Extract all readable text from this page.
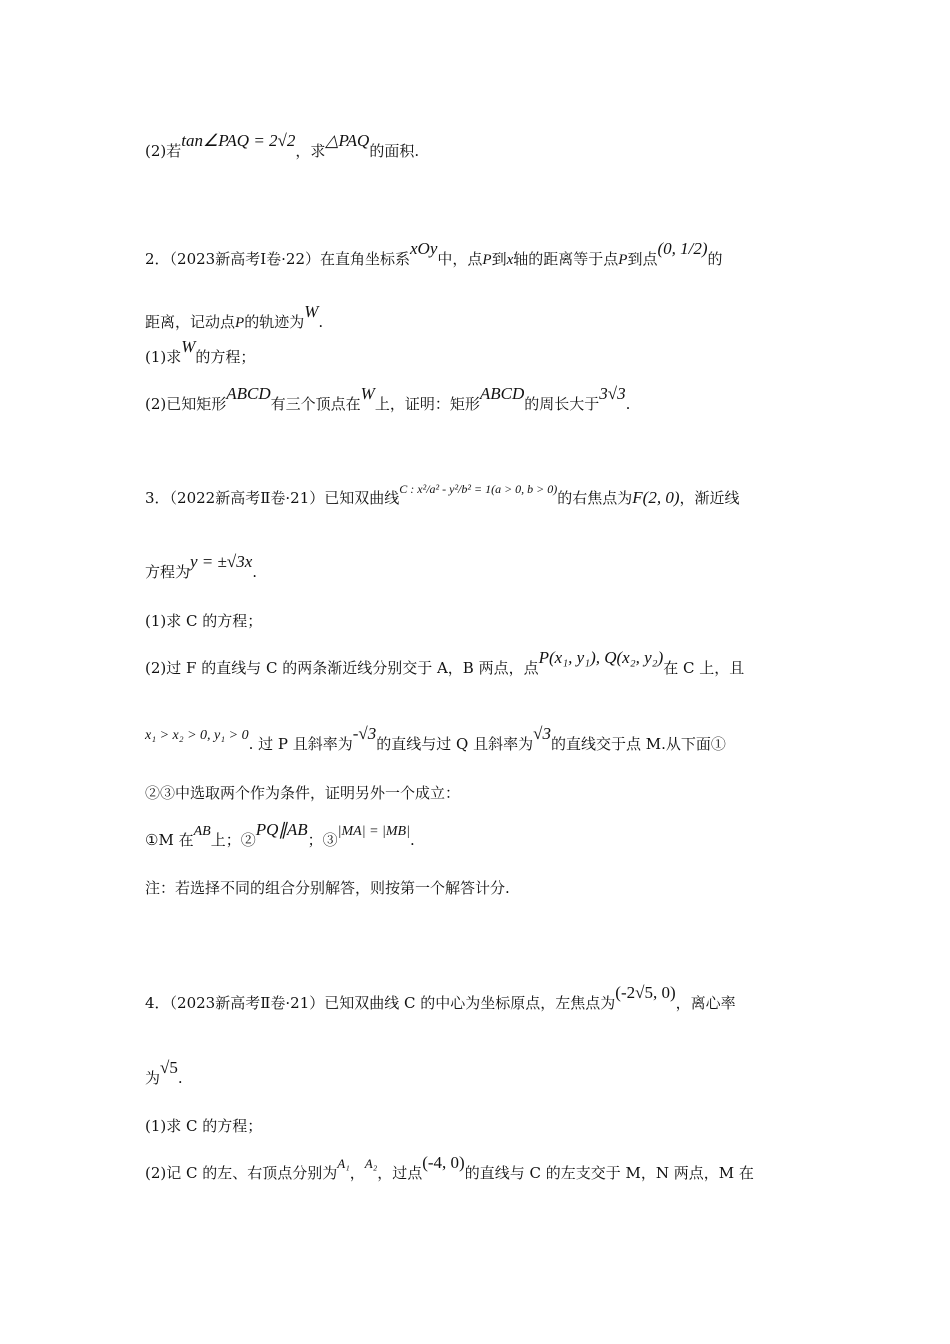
(2)若tan∠PAQ = 2√2，求△PAQ的面积.
2．（2023新高考Ⅰ卷·22）在直角坐标系xOy中，点P到x轴的距离等于点P到点(0, 1/2)的
距离，记动点P的轨迹为W.
(1)求W的方程；
(2)已知矩形ABCD有三个顶点在W上，证明：矩形ABCD的周长大于3√3.
3．（2022新高考Ⅱ卷·21）已知双曲线$^{C : x^2/a^2 - y^2/b^2 = 1(a > 0, b > 0)}$的右焦点为F(2, 0)，渐近线
方程为y = ±√3x.
(1)求 C 的方程；
(2)过 F 的直线与 C 的两条渐近线分别交于 A，B 两点，点P(x₁, y₁), Q(x₂, y₂)在 C 上，且
x₁ > x₂ > 0, y₁ > 0. 过 P 且斜率为-√3的直线与过 Q 且斜率为√3的直线交于点 M.从下面①
②③中选取两个作为条件，证明另外一个成立：
①M 在AB上；②PQ∥AB；③|MA| = |MB|.
注：若选择不同的组合分别解答，则按第一个解答计分.
4．（2023新高考Ⅱ卷·21）已知双曲线 C 的中心为坐标原点，左焦点为(-2√5, 0)，离心率
为√5.
(1)求 C 的方程；
(2)记 C 的左、右顶点分别为A₁，A₂，过点(-4, 0)的直线与 C 的左支交于 M，N 两点，M 在
